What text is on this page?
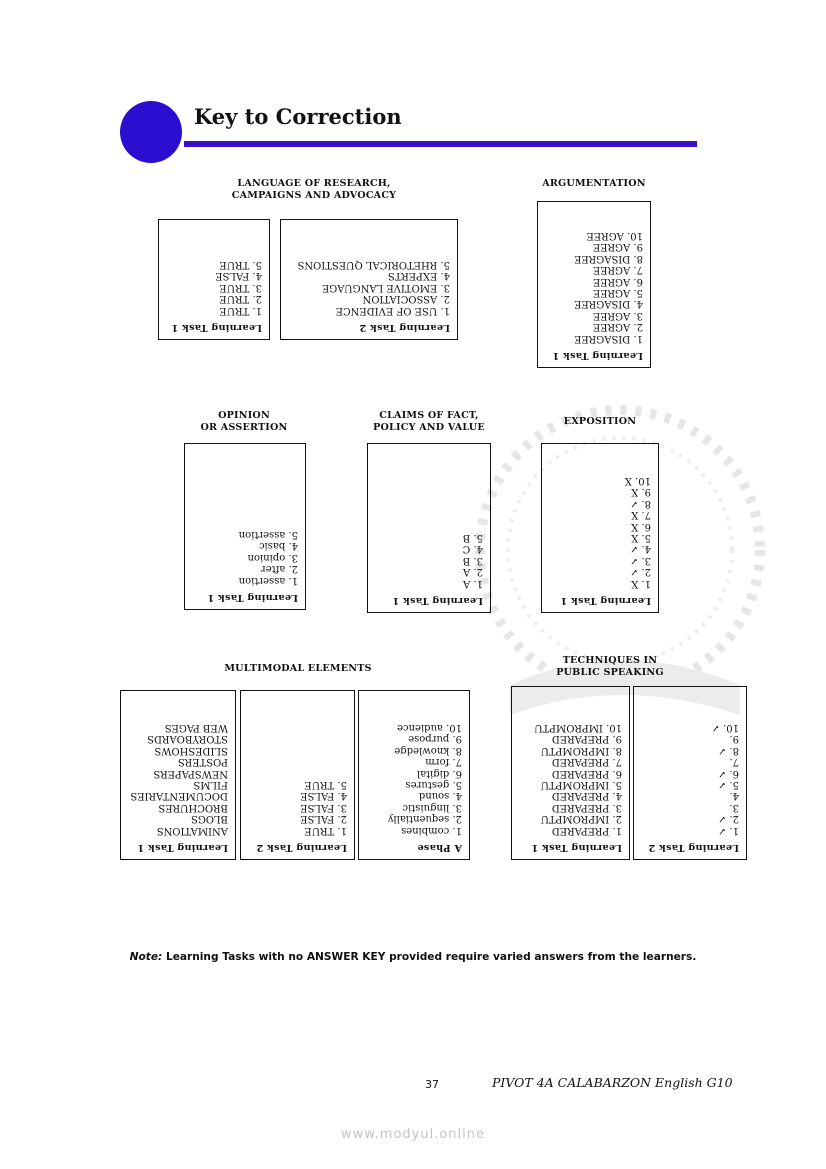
Key to Correction
LANGUAGE OF RESEARCH,
CAMPAIGNS AND ADVOCACY
ARGUMENTATION
OPINION
OR ASSERTION
CLAIMS OF FACT,
POLICY AND VALUE
EXPOSITION
MULTIMODAL ELEMENTS
TECHNIQUES IN
PUBLIC SPEAKING
Learning Task 1
1. TRUE
2. TRUE
3. TRUE
4. FALSE
5. TRUE
Learning Task 2
1. USE OF EVIDENCE
2. ASSOCIATION
3. EMOTIVE LANGUAGE
4. EXPERTS
5. RHETORICAL QUESTIONS
Learning Task 1
1. DISAGREE
2. AGREE
3. AGREE
4. DISAGREE
5. AGREE
6. AGREE
7. AGREE
8. DISAGREE
9. AGREE
10. AGREE
Learning Task 1
1. assertion
2. after
3. opinion
4. basic
5. assertion
Learning Task 1
1. A
2. A
3. B
4. C
5. B
Learning Task 1
1. X
2. ✓
3. ✓
4. ✓
5. X
6. X
7. X
8. ✓
9. X
10. X
Learning Task 1
ANIMATIONS
BLOGS
BROCHURES
DOCUMENTARIES
FILMS
NEWSPAPERS
POSTERS
SLIDESHOWS
STORYBOARDS
WEB PAGES
Learning Task 2
1. TRUE
2. FALSE
3. FALSE
4. FALSE
5. TRUE
A Phase
1. combines
2. sequentially
3. linguistic
4. sound
5. gestures
6. digital
7. form
8. knowledge
9. purpose
10. audience
Learning Task 1
1. PREPARED
2. IMPROMPTU
3. PREPARED
4. PREPARED
5. IMPROMPTU
6. PREPARED
7. PREPARED
8. IMPROMPTU
9. PREPARED
10. IMPROMPTU
Learning Task 2
1. ✓
2. ✓
3.
4.
5. ✓
6. ✓
7.
8. ✓
9.
10. ✓
Note: Learning Tasks with no ANSWER KEY provided require varied answers from the learners.
37	PIVOT 4A CALABARZON English G10
www.modyul.online
